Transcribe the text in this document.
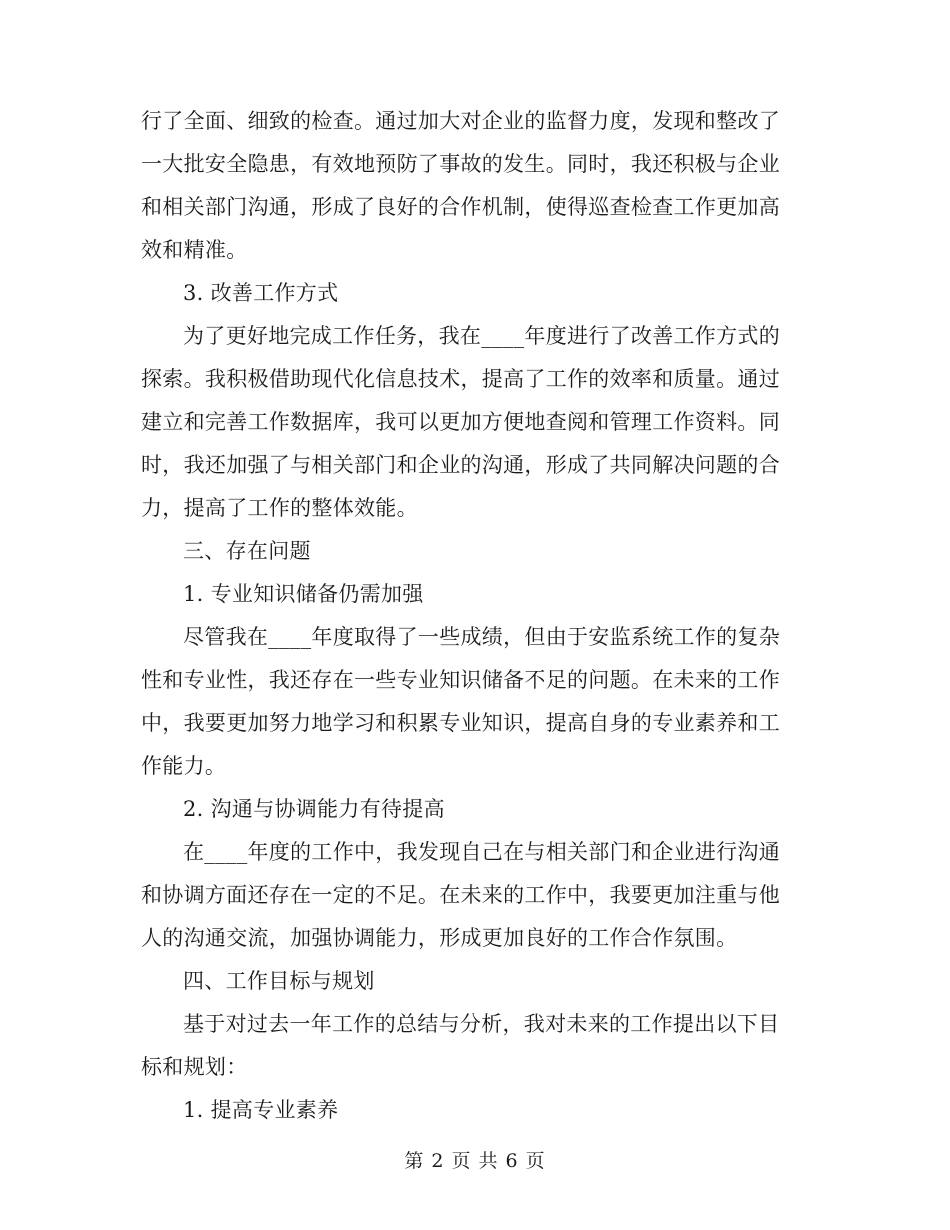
行了全面、细致的检查。通过加大对企业的监督力度，发现和整改了
一大批安全隐患，有效地预防了事故的发生。同时，我还积极与企业
和相关部门沟通，形成了良好的合作机制，使得巡查检查工作更加高
效和精准。
3. 改善工作方式
为了更好地完成工作任务，我在____年度进行了改善工作方式的
探索。我积极借助现代化信息技术，提高了工作的效率和质量。通过
建立和完善工作数据库，我可以更加方便地查阅和管理工作资料。同
时，我还加强了与相关部门和企业的沟通，形成了共同解决问题的合
力，提高了工作的整体效能。
三、存在问题
1. 专业知识储备仍需加强
尽管我在____年度取得了一些成绩，但由于安监系统工作的复杂
性和专业性，我还存在一些专业知识储备不足的问题。在未来的工作
中，我要更加努力地学习和积累专业知识，提高自身的专业素养和工
作能力。
2. 沟通与协调能力有待提高
在____年度的工作中，我发现自己在与相关部门和企业进行沟通
和协调方面还存在一定的不足。在未来的工作中，我要更加注重与他
人的沟通交流，加强协调能力，形成更加良好的工作合作氛围。
四、工作目标与规划
基于对过去一年工作的总结与分析，我对未来的工作提出以下目
标和规划：
1. 提高专业素养
第 2 页 共 6 页
